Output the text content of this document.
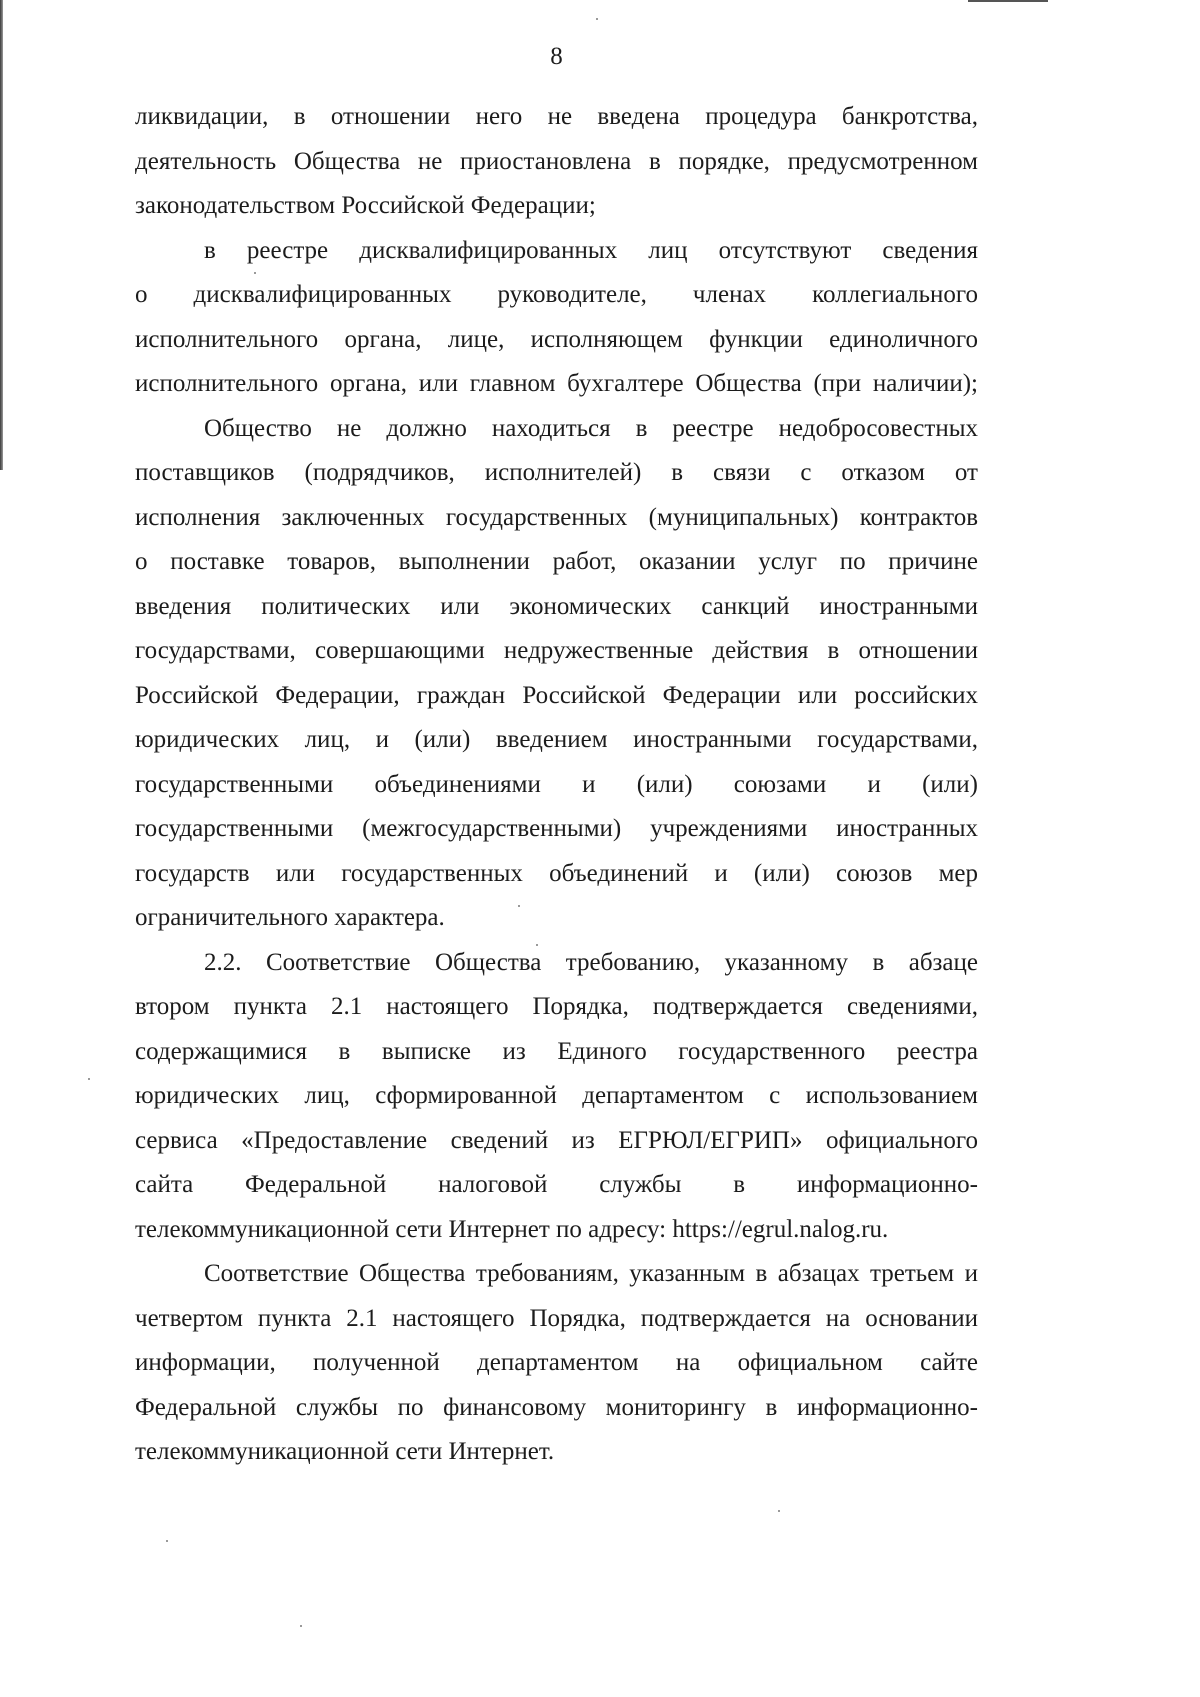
8
ликвидации, в отношении него не введена процедура банкротства,
деятельность Общества не приостановлена в порядке, предусмотренном
законодательством Российской Федерации;
в реестре дисквалифицированных лиц отсутствуют сведения
о дисквалифицированных руководителе, членах коллегиального
исполнительного органа, лице, исполняющем функции единоличного
исполнительного органа, или главном бухгалтере Общества (при наличии);
Общество не должно находиться в реестре недобросовестных
поставщиков (подрядчиков, исполнителей) в связи с отказом от
исполнения заключенных государственных (муниципальных) контрактов
о поставке товаров, выполнении работ, оказании услуг по причине
введения политических или экономических санкций иностранными
государствами, совершающими недружественные действия в отношении
Российской Федерации, граждан Российской Федерации или российских
юридических лиц, и (или) введением иностранными государствами,
государственными объединениями и (или) союзами и (или)
государственными (межгосударственными) учреждениями иностранных
государств или государственных объединений и (или) союзов мер
ограничительного характера.
2.2. Соответствие Общества требованию, указанному в абзаце
втором пункта 2.1 настоящего Порядка, подтверждается сведениями,
содержащимися в выписке из Единого государственного реестра
юридических лиц, сформированной департаментом с использованием
сервиса «Предоставление сведений из ЕГРЮЛ/ЕГРИП» официального
сайта Федеральной налоговой службы в информационно-
телекоммуникационной сети Интернет по адресу: https://egrul.nalog.ru.
Соответствие Общества требованиям, указанным в абзацах третьем и
четвертом пункта 2.1 настоящего Порядка, подтверждается на основании
информации, полученной департаментом на официальном сайте
Федеральной службы по финансовому мониторингу в информационно-
телекоммуникационной сети Интернет.
